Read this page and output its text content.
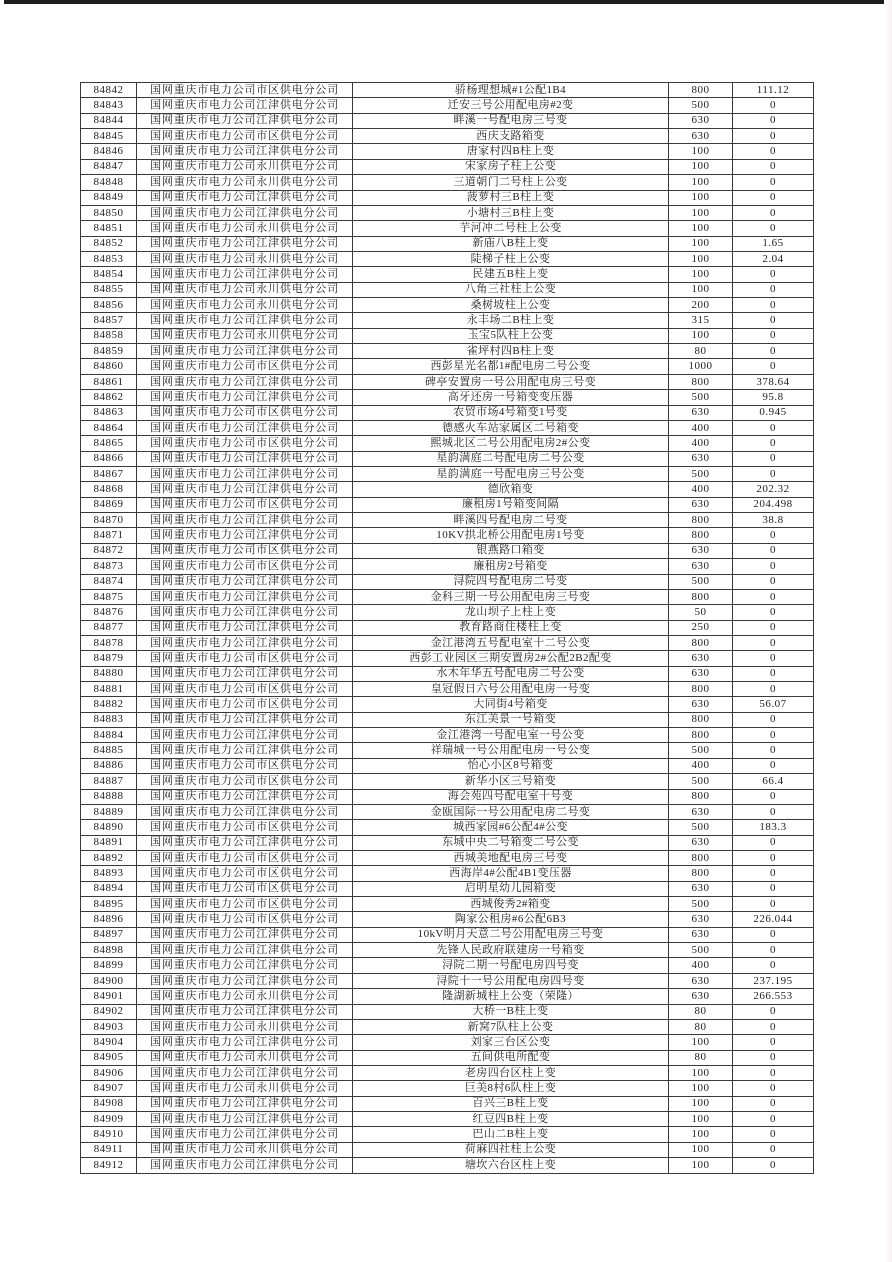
84842	国网重庆市电力公司市区供电分公司	骄杨理想城#1公配1B4	800	111.12
84843	国网重庆市电力公司江津供电分公司	迁安三号公用配电房#2变	500	0
84844	国网重庆市电力公司江津供电分公司	畔溪一号配电房三号变	630	0
84845	国网重庆市电力公司市区供电分公司	西庆支路箱变	630	0
84846	国网重庆市电力公司江津供电分公司	唐家村四B柱上变	100	0
84847	国网重庆市电力公司永川供电分公司	宋家房子柱上公变	100	0
84848	国网重庆市电力公司永川供电分公司	三道朝门二号柱上公变	100	0
84849	国网重庆市电力公司江津供电分公司	菠萝村三B柱上变	100	0
84850	国网重庆市电力公司江津供电分公司	小塘村三B柱上变	100	0
84851	国网重庆市电力公司永川供电分公司	芋河冲二号柱上公变	100	0
84852	国网重庆市电力公司江津供电分公司	新庙八B柱上变	100	1.65
84853	国网重庆市电力公司永川供电分公司	陡梯子柱上公变	100	2.04
84854	国网重庆市电力公司江津供电分公司	民建五B柱上变	100	0
84855	国网重庆市电力公司永川供电分公司	八角三社柱上公变	100	0
84856	国网重庆市电力公司永川供电分公司	桑树坡柱上公变	200	0
84857	国网重庆市电力公司江津供电分公司	永丰场二B柱上变	315	0
84858	国网重庆市电力公司永川供电分公司	玉宝5队柱上公变	100	0
84859	国网重庆市电力公司江津供电分公司	雀坪村四B柱上变	80	0
84860	国网重庆市电力公司市区供电分公司	西彭星光名都1#配电房二号公变	1000	0
84861	国网重庆市电力公司江津供电分公司	碑亭安置房一号公用配电房三号变	800	378.64
84862	国网重庆市电力公司江津供电分公司	高牙还房一号箱变变压器	500	95.8
84863	国网重庆市电力公司市区供电分公司	农贸市场4号箱变1号变	630	0.945
84864	国网重庆市电力公司江津供电分公司	德感火车站家属区二号箱变	400	0
84865	国网重庆市电力公司市区供电分公司	熙城北区二号公用配电房2#公变	400	0
84866	国网重庆市电力公司江津供电分公司	星韵满庭二号配电房二号公变	630	0
84867	国网重庆市电力公司江津供电分公司	星韵满庭一号配电房三号公变	500	0
84868	国网重庆市电力公司江津供电分公司	德欣箱变	400	202.32
84869	国网重庆市电力公司市区供电分公司	廉租房1号箱变间隔	630	204.498
84870	国网重庆市电力公司江津供电分公司	畔溪四号配电房二号变	800	38.8
84871	国网重庆市电力公司江津供电分公司	10KV拱北桥公用配电房1号变	800	0
84872	国网重庆市电力公司市区供电分公司	银燕路口箱变	630	0
84873	国网重庆市电力公司市区供电分公司	廉租房2号箱变	630	0
84874	国网重庆市电力公司江津供电分公司	浔院四号配电房二号变	500	0
84875	国网重庆市电力公司江津供电分公司	金科三期一号公用配电房三号变	800	0
84876	国网重庆市电力公司江津供电分公司	龙山坝子上柱上变	50	0
84877	国网重庆市电力公司江津供电分公司	教育路商住楼柱上变	250	0
84878	国网重庆市电力公司江津供电分公司	金江港湾五号配电室十二号公变	800	0
84879	国网重庆市电力公司市区供电分公司	西彭工业园区三期安置房2#公配2B2配变	630	0
84880	国网重庆市电力公司江津供电分公司	水木年华五号配电房二号公变	630	0
84881	国网重庆市电力公司市区供电分公司	皇冠假日六号公用配电房一号变	800	0
84882	国网重庆市电力公司市区供电分公司	大同街4号箱变	630	56.07
84883	国网重庆市电力公司江津供电分公司	东江美景一号箱变	800	0
84884	国网重庆市电力公司江津供电分公司	金江港湾一号配电室一号公变	800	0
84885	国网重庆市电力公司江津供电分公司	祥瑞城一号公用配电房一号公变	500	0
84886	国网重庆市电力公司市区供电分公司	怡心小区8号箱变	400	0
84887	国网重庆市电力公司市区供电分公司	新华小区三号箱变	500	66.4
84888	国网重庆市电力公司江津供电分公司	海会苑四号配电室十号变	800	0
84889	国网重庆市电力公司江津供电分公司	金瓯国际一号公用配电房二号变	630	0
84890	国网重庆市电力公司市区供电分公司	城西家园#6公配4#公变	500	183.3
84891	国网重庆市电力公司江津供电分公司	东城中央二号箱变二号公变	630	0
84892	国网重庆市电力公司市区供电分公司	西城美地配电房三号变	800	0
84893	国网重庆市电力公司市区供电分公司	西海岸4#公配4B1变压器	800	0
84894	国网重庆市电力公司市区供电分公司	启明星幼儿园箱变	630	0
84895	国网重庆市电力公司市区供电分公司	西城俊秀2#箱变	500	0
84896	国网重庆市电力公司市区供电分公司	陶家公租房#6公配6B3	630	226.044
84897	国网重庆市电力公司江津供电分公司	10kV明月天意二号公用配电房三号变	630	0
84898	国网重庆市电力公司江津供电分公司	先锋人民政府联建房一号箱变	500	0
84899	国网重庆市电力公司江津供电分公司	浔院二期一号配电房四号变	400	0
84900	国网重庆市电力公司江津供电分公司	浔院十一号公用配电房四号变	630	237.195
84901	国网重庆市电力公司永川供电分公司	隆湖新城柱上公变（荣隆）	630	266.553
84902	国网重庆市电力公司江津供电分公司	大桥一B柱上变	80	0
84903	国网重庆市电力公司永川供电分公司	新窝7队柱上公变	80	0
84904	国网重庆市电力公司江津供电分公司	刘家三台区公变	100	0
84905	国网重庆市电力公司永川供电分公司	五间供电所配变	80	0
84906	国网重庆市电力公司江津供电分公司	老房四台区柱上变	100	0
84907	国网重庆市电力公司永川供电分公司	巨美8村6队柱上变	100	0
84908	国网重庆市电力公司江津供电分公司	百兴三B柱上变	100	0
84909	国网重庆市电力公司江津供电分公司	红豆四B柱上变	100	0
84910	国网重庆市电力公司江津供电分公司	巴山二B柱上变	100	0
84911	国网重庆市电力公司永川供电分公司	荷麻四社柱上公变	100	0
84912	国网重庆市电力公司江津供电分公司	塘坎六台区柱上变	100	0
